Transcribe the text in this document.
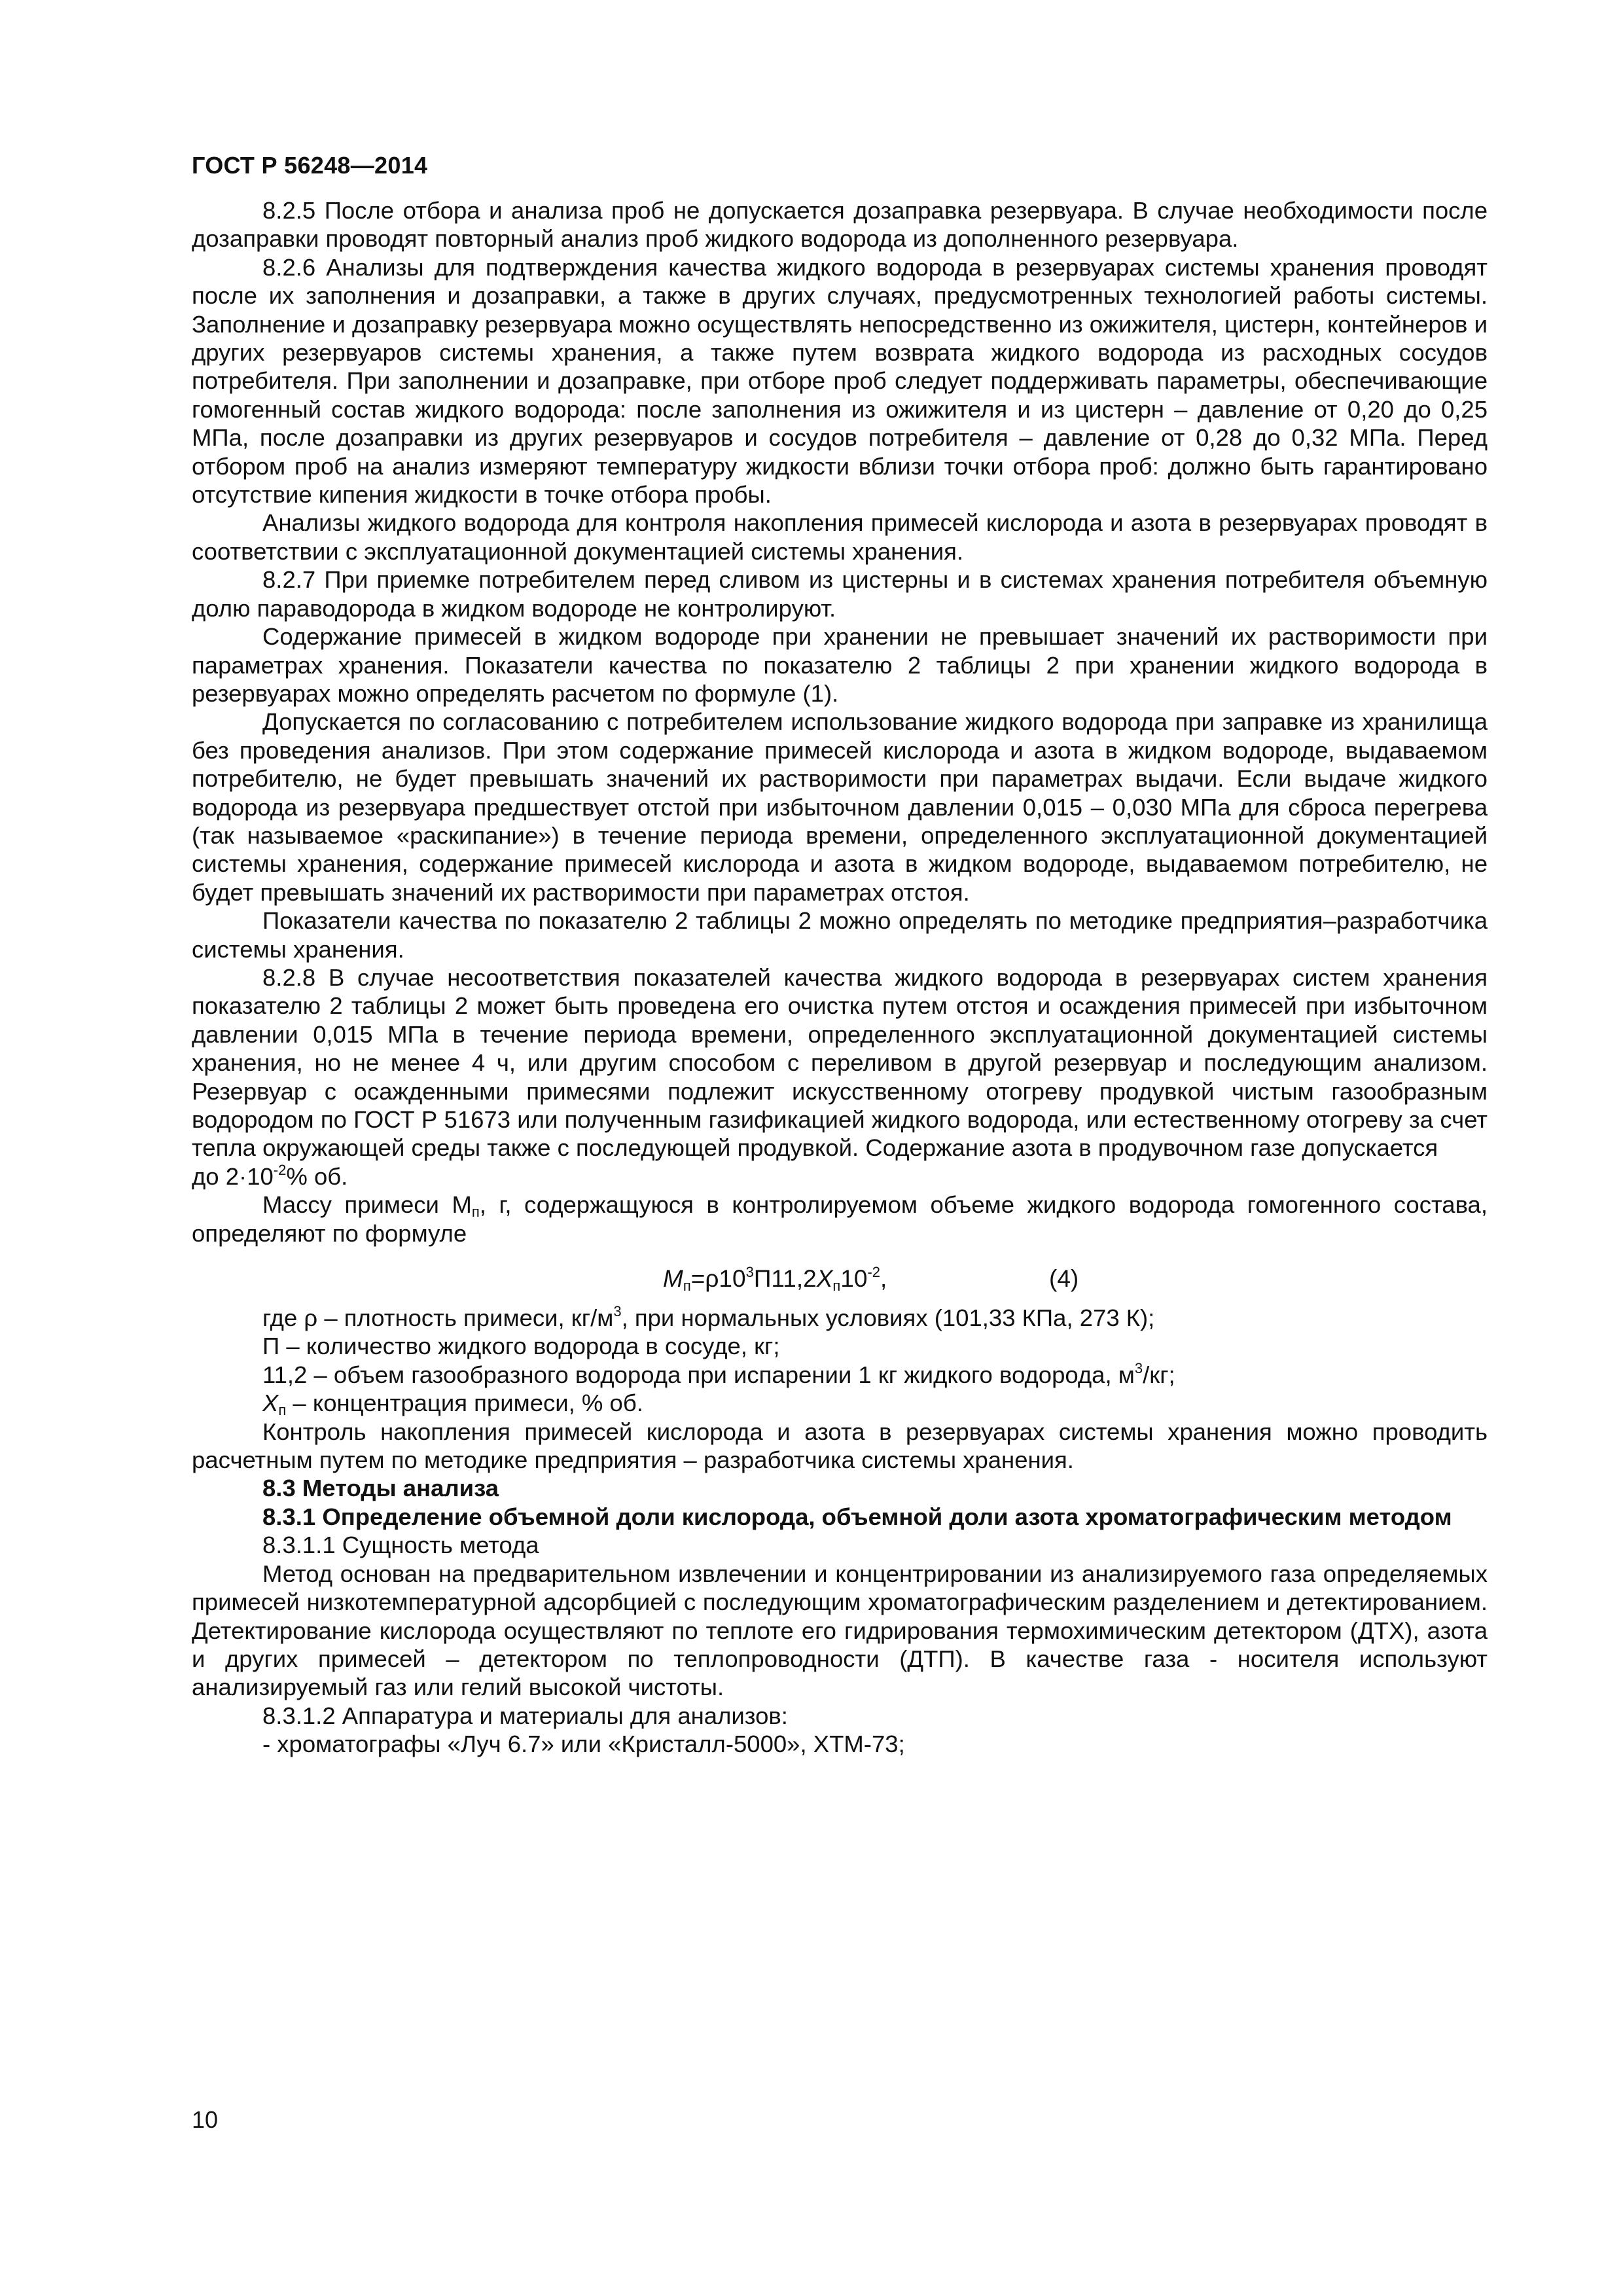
ГОСТ Р 56248—2014

8.2.5 После отбора и анализа проб не допускается дозаправка резервуара. В случае необходимости после дозаправки проводят повторный анализ проб жидкого водорода из дополненного резервуара.

8.2.6 Анализы для подтверждения качества жидкого водорода в резервуарах системы хранения проводят после их заполнения и дозаправки, а также в других случаях, предусмотренных технологией работы системы. Заполнение и дозаправку резервуара можно осуществлять непосредственно из ожижителя, цистерн, контейнеров и других резервуаров системы хранения, а также путем возврата жидкого водорода из расходных сосудов потребителя. При заполнении и дозаправке, при отборе проб следует поддерживать параметры, обеспечивающие гомогенный состав жидкого водорода: после заполнения из ожижителя и из цистерн – давление от 0,20 до 0,25 МПа, после дозаправки из других резервуаров и сосудов потребителя – давление от 0,28 до 0,32 МПа. Перед отбором проб на анализ измеряют температуру жидкости вблизи точки отбора проб: должно быть гарантировано отсутствие кипения жидкости в точке отбора пробы.

Анализы жидкого водорода для контроля накопления примесей кислорода и азота в резервуарах проводят в соответствии с эксплуатационной документацией системы хранения.

8.2.7 При приемке потребителем перед сливом из цистерны и в системах хранения потребителя объемную долю параводорода в жидком водороде не контролируют.

Содержание примесей в жидком водороде при хранении не превышает значений их растворимости при параметрах хранения. Показатели качества по показателю 2 таблицы 2 при хранении жидкого водорода в резервуарах можно определять расчетом по формуле (1).

Допускается по согласованию с потребителем использование жидкого водорода при заправке из хранилища без проведения анализов. При этом содержание примесей кислорода и азота в жидком водороде, выдаваемом потребителю, не будет превышать значений их растворимости при параметрах выдачи. Если выдаче жидкого водорода из резервуара предшествует отстой при избыточном давлении 0,015 – 0,030 МПа для сброса перегрева (так называемое «раскипание») в течение периода времени, определенного эксплуатационной документацией системы хранения, содержание примесей кислорода и азота в жидком водороде, выдаваемом потребителю, не будет превышать значений их растворимости при параметрах отстоя.

Показатели качества по показателю 2 таблицы 2 можно определять по методике предприятия–разработчика системы хранения.

8.2.8 В случае несоответствия показателей качества жидкого водорода в резервуарах систем хранения показателю 2 таблицы 2 может быть проведена его очистка путем отстоя и осаждения примесей при избыточном давлении 0,015 МПа в течение периода времени, определенного эксплуатационной документацией системы хранения, но не менее 4 ч, или другим способом с переливом в другой резервуар и последующим анализом. Резервуар с осажденными примесями подлежит искусственному отогреву продувкой чистым газообразным водородом по ГОСТ Р 51673 или полученным газификацией жидкого водорода, или естественному отогреву за счет тепла окружающей среды также с последующей продувкой. Содержание азота в продувочном газе допускается

до $2\cdot 10^{-2}\%$ об.

Массу примеси $М_п$, г, содержащуюся в контролируемом объеме жидкого водорода гомогенного состава, определяют по формуле

$М_п=\rho 10^3П11,2Х_п10^{-2}$,	(4)

где ρ – плотность примеси, $кг/м^3$, при нормальных условиях (101,33 КПа, 273 К);

П – количество жидкого водорода в сосуде, кг;

11,2 – объем газообразного водорода при испарении 1 кг жидкого водорода, $м^3/кг$;

$Х_п$ – концентрация примеси, % об.

Контроль накопления примесей кислорода и азота в резервуарах системы хранения можно проводить расчетным путем по методике предприятия – разработчика системы хранения.

8.3 Методы анализа

8.3.1 Определение объемной доли кислорода, объемной доли азота хроматографическим методом

8.3.1.1 Сущность метода

Метод основан на предварительном извлечении и концентрировании из анализируемого газа определяемых примесей низкотемпературной адсорбцией с последующим хроматографическим разделением и детектированием. Детектирование кислорода осуществляют по теплоте его гидрирования термохимическим детектором (ДТХ), азота и других примесей – детектором по теплопроводности (ДТП). В качестве газа - носителя используют анализируемый газ или гелий высокой чистоты.

8.3.1.2 Аппаратура и материалы для анализов:

- хроматографы «Луч 6.7» или «Кристалл-5000», ХТМ-73;

10
